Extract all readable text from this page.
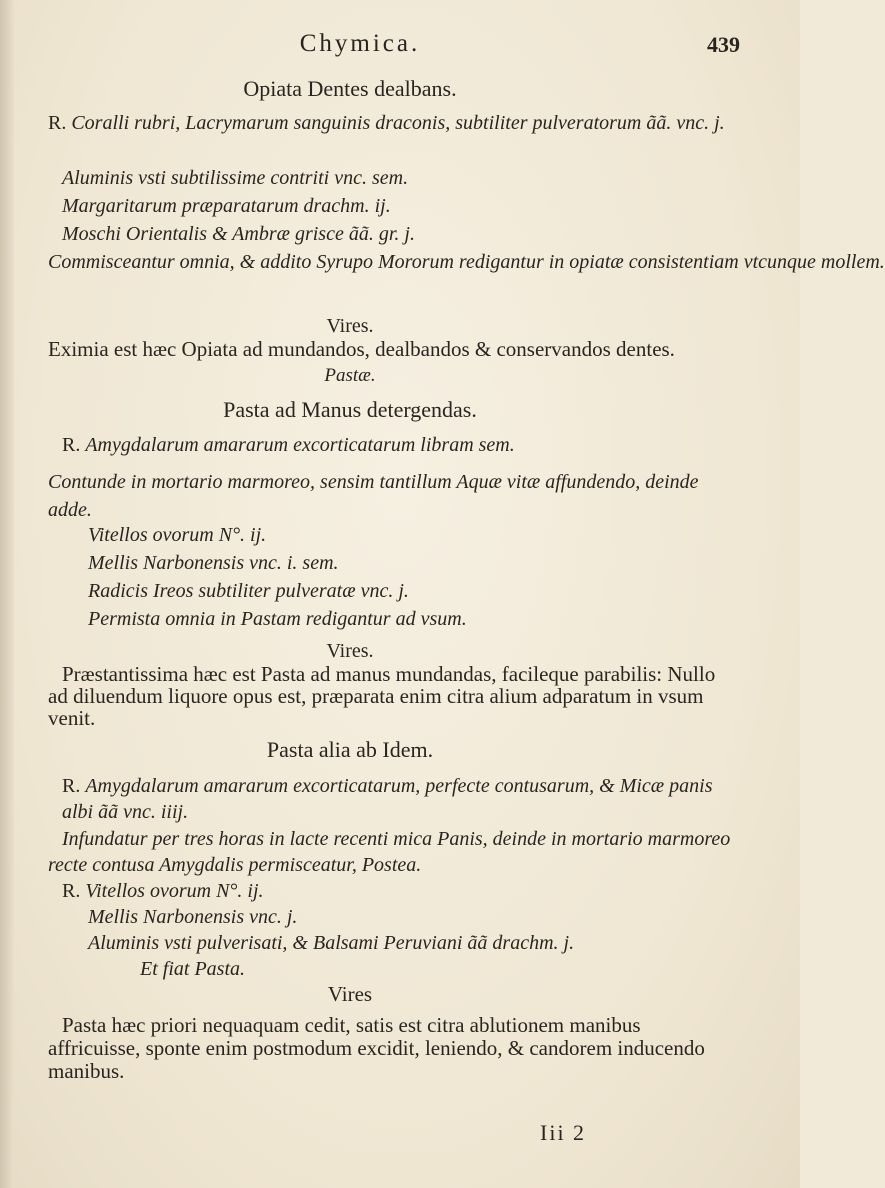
Chymica.	439
Opiata Dentes dealbans.
R. Coralli rubri, Lacrymarum sanguinis draconis, subtiliter pulveratorum ãã. vnc. j.
Aluminis vsti subtilissime contriti vnc. sem.
Margaritarum præparatarum drachm. ij.
Moschi Orientalis & Ambræ grisce ãã. gr. j.
Commisceantur omnia, & addito Syrupo Mororum redigantur in opiatæ consistentiam vtcunque mollem.
Vires.
Eximia est hæc Opiata ad mundandos, dealbandos & conservandos dentes.
Pastæ.
Pasta ad Manus detergendas.
R. Amygdalarum amararum excorticatarum libram sem.
Contunde in mortario marmoreo, sensim tantillum Aquæ vitæ affundendo, deinde adde.
Vitellos ovorum N°. ij.
Mellis Narbonensis vnc. i. sem.
Radicis Ireos subtiliter pulveratæ vnc. j.
Permista omnia in Pastam redigantur ad vsum.
Vires.
Præstantissima hæc est Pasta ad manus mundandas, facileque parabilis: Nullo ad diluendum liquore opus est, præparata enim citra alium adparatum in vsum venit.
Pasta alia ab Idem.
R. Amygdalarum amararum excorticatarum, perfecte contusarum, & Micæ panis albi ãã vnc. iiij.
Infundatur per tres horas in lacte recenti mica Panis, deinde in mortario marmoreo recte contusa Amygdalis permisceatur, Postea.
R. Vitellos ovorum N°. ij.
Mellis Narbonensis vnc. j.
Aluminis vsti pulverisati, & Balsami Peruviani ãã drachm. j.
Et fiat Pasta.
Vires
Pasta hæc priori nequaquam cedit, satis est citra ablutionem manibus affricuisse, sponte enim postmodum excidit, leniendo, & candorem inducendo manibus.
Iii 2
